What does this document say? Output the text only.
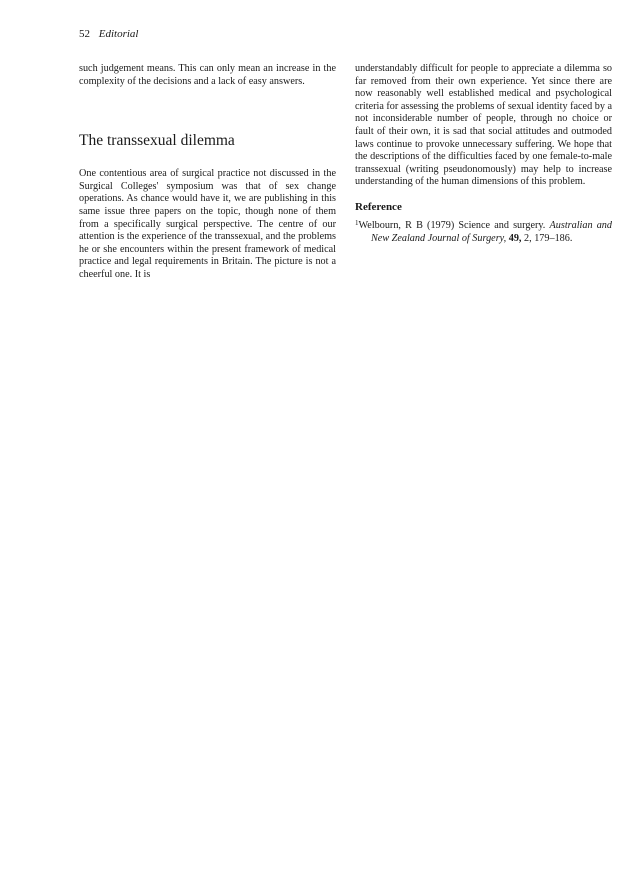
52 Editorial

such judgement means. This can only mean an increase in the complexity of the decisions and a lack of easy answers.

The transsexual dilemma

One contentious area of surgical practice not discussed in the Surgical Colleges' symposium was that of sex change operations. As chance would have it, we are publishing in this same issue three papers on the topic, though none of them from a specifically surgical perspective. The centre of our attention is the experience of the transsexual, and the problems he or she encounters within the present framework of medical practice and legal requirements in Britain. The picture is not a cheerful one. It is

understandably difficult for people to appreciate a dilemma so far removed from their own experience. Yet since there are now reasonably well established medical and psychological criteria for assessing the problems of sexual identity faced by a not inconsiderable number of people, through no choice or fault of their own, it is sad that social attitudes and outmoded laws continue to provoke unnecessary suffering. We hope that the descriptions of the difficulties faced by one female-to-male transsexual (writing pseudonomously) may help to increase understanding of the human dimensions of this problem.

Reference

$^1$Welbourn, R B (1979) Science and surgery. Australian and New Zealand Journal of Surgery, 49, 2, 179–186.
